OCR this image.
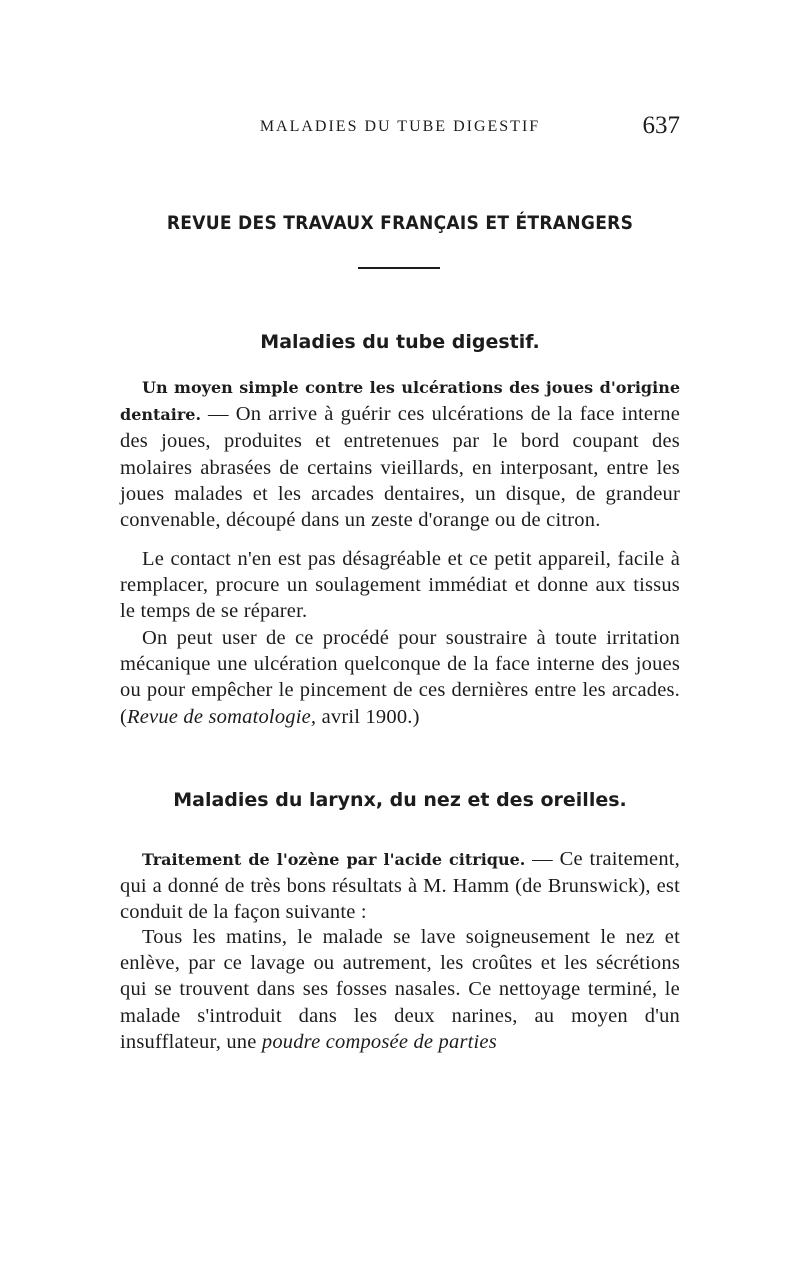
MALADIES DU TUBE DIGESTIF	637
REVUE DES TRAVAUX FRANÇAIS ET ÉTRANGERS
Maladies du tube digestif.

Un moyen simple contre les ulcérations des joues d'origine dentaire. — On arrive à guérir ces ulcérations de la face interne des joues, produites et entretenues par le bord coupant des molaires abrasées de certains vieillards, en interposant, entre les joues malades et les arcades dentaires, un disque, de grandeur convenable, découpé dans un zeste d'orange ou de citron.

Le contact n'en est pas désagréable et ce petit appareil, facile à remplacer, procure un soulagement immédiat et donne aux tissus le temps de se réparer.

On peut user de ce procédé pour soustraire à toute irritation mécanique une ulcération quelconque de la face interne des joues ou pour empêcher le pincement de ces dernières entre les arcades. (Revue de somatologie, avril 1900.)

Maladies du larynx, du nez et des oreilles.

Traitement de l'ozène par l'acide citrique. — Ce traitement, qui a donné de très bons résultats à M. Hamm (de Brunswick), est conduit de la façon suivante :

Tous les matins, le malade se lave soigneusement le nez et enlève, par ce lavage ou autrement, les croûtes et les sécrétions qui se trouvent dans ses fosses nasales. Ce nettoyage terminé, le malade s'introduit dans les deux narines, au moyen d'un insufflateur, une poudre composée de parties
